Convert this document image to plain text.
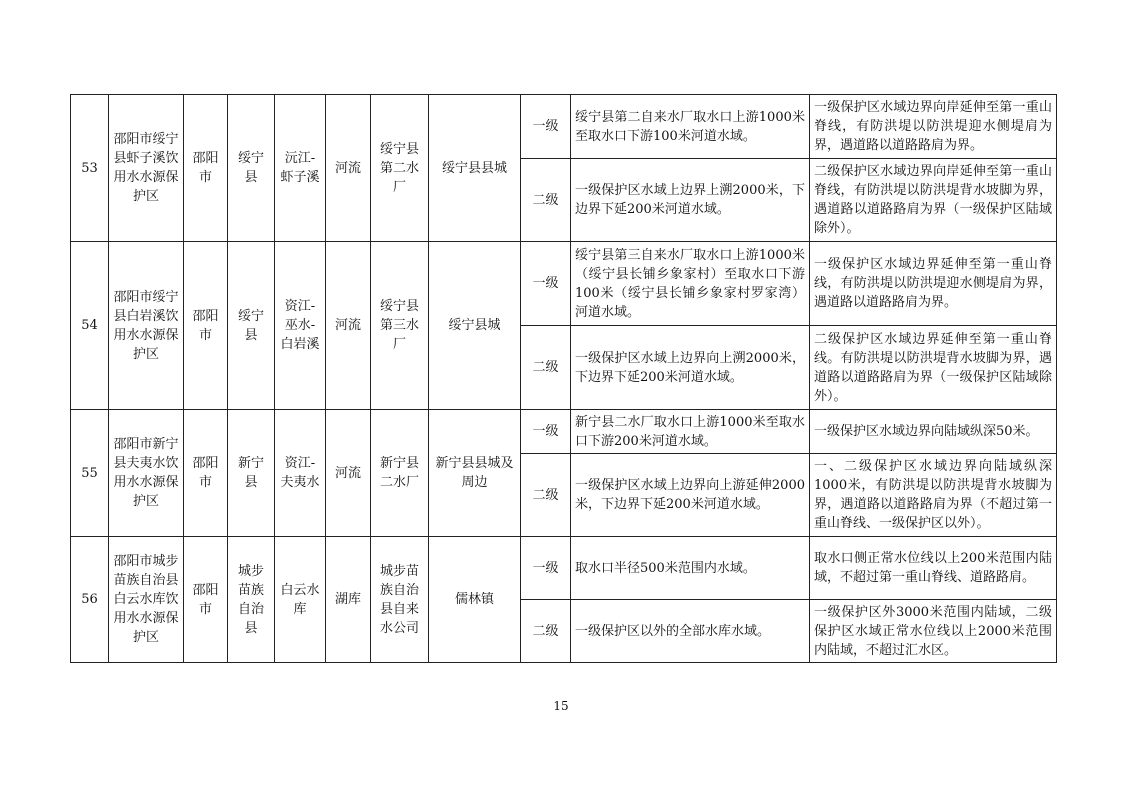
53	邵阳市绥宁县虾子溪饮用水水源保护区	邵阳市	绥宁县	沅江-虾子溪	河流	绥宁县第二水厂	绥宁县县城	一级	绥宁县第二自来水厂取水口上游1000米至取水口下游100米河道水域。	一级保护区水域边界向岸延伸至第一重山脊线，有防洪堤以防洪堤迎水侧堤肩为界，遇道路以道路路肩为界。
								二级	一级保护区水域上边界上溯2000米，下边界下延200米河道水域。	二级保护区水域边界向岸延伸至第一重山脊线，有防洪堤以防洪堤背水坡脚为界，遇道路以道路路肩为界（一级保护区陆域除外）。
54	邵阳市绥宁县白岩溪饮用水水源保护区	邵阳市	绥宁县	资江-巫水-白岩溪	河流	绥宁县第三水厂	绥宁县城	一级	绥宁县第三自来水厂取水口上游1000米（绥宁县长铺乡象家村）至取水口下游100米（绥宁县长铺乡象家村罗家湾）河道水域。	一级保护区水域边界延伸至第一重山脊线，有防洪堤以防洪堤迎水侧堤肩为界，遇道路以道路路肩为界。
								二级	一级保护区水域上边界向上溯2000米，下边界下延200米河道水域。	二级保护区水域边界延伸至第一重山脊线。有防洪堤以防洪堤背水坡脚为界，遇道路以道路路肩为界（一级保护区陆域除外）。
55	邵阳市新宁县夫夷水饮用水水源保护区	邵阳市	新宁县	资江-夫夷水	河流	新宁县二水厂	新宁县县城及周边	一级	新宁县二水厂取水口上游1000米至取水口下游200米河道水域。	一级保护区水域边界向陆域纵深50米。
								二级	一级保护区水域上边界向上游延伸2000米，下边界下延200米河道水域。	一、二级保护区水域边界向陆域纵深1000米，有防洪堤以防洪堤背水坡脚为界，遇道路以道路路肩为界（不超过第一重山脊线、一级保护区以外）。
56	邵阳市城步苗族自治县白云水库饮用水水源保护区	邵阳市	城步苗族自治县	白云水库	湖库	城步苗族自治县自来水公司	儒林镇	一级	取水口半径500米范围内水域。	取水口侧正常水位线以上200米范围内陆域，不超过第一重山脊线、道路路肩。
								二级	一级保护区以外的全部水库水域。	一级保护区外3000米范围内陆域，二级保护区水域正常水位线以上2000米范围内陆域，不超过汇水区。
15
